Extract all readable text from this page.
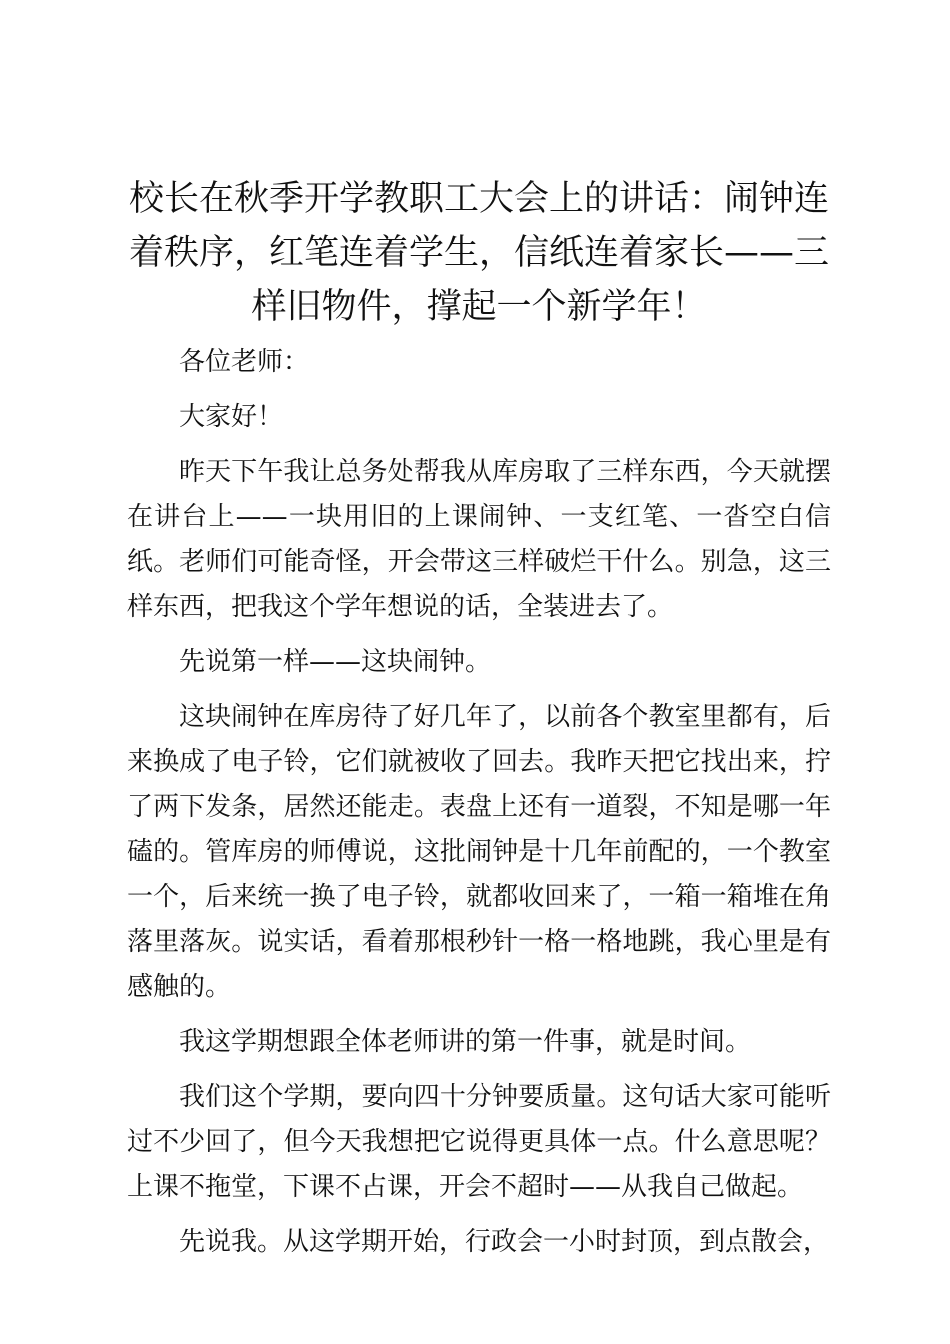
校长在秋季开学教职工大会上的讲话：闹钟连着秩序，红笔连着学生，信纸连着家长——三样旧物件，撑起一个新学年！

各位老师：

大家好！

昨天下午我让总务处帮我从库房取了三样东西，今天就摆在讲台上——一块用旧的上课闹钟、一支红笔、一沓空白信纸。老师们可能奇怪，开会带这三样破烂干什么。别急，这三样东西，把我这个学年想说的话，全装进去了。

先说第一样——这块闹钟。

这块闹钟在库房待了好几年了，以前各个教室里都有，后来换成了电子铃，它们就被收了回去。我昨天把它找出来，拧了两下发条，居然还能走。表盘上还有一道裂，不知是哪一年磕的。管库房的师傅说，这批闹钟是十几年前配的，一个教室一个，后来统一换了电子铃，就都收回来了，一箱一箱堆在角落里落灰。说实话，看着那根秒针一格一格地跳，我心里是有感触的。

我这学期想跟全体老师讲的第一件事，就是时间。

我们这个学期，要向四十分钟要质量。这句话大家可能听过不少回了，但今天我想把它说得更具体一点。什么意思呢？上课不拖堂，下课不占课，开会不超时——从我自己做起。

先说我。从这学期开始，行政会一小时封顶，到点散会，
